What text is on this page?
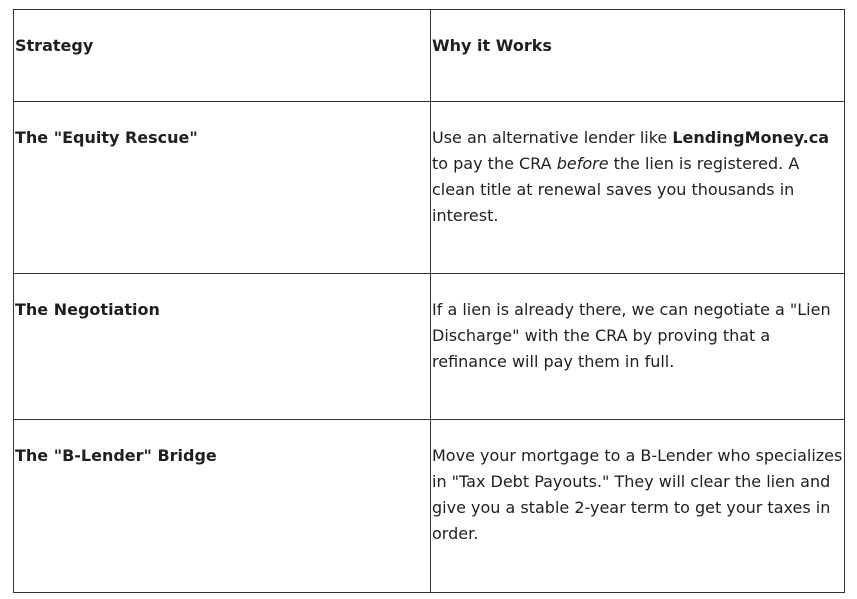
Strategy	Why it Works

The "Equity Rescue"	Use an alternative lender like LendingMoney.ca to pay the CRA before the lien is registered. A clean title at renewal saves you thousands in interest.

The Negotiation	If a lien is already there, we can negotiate a "Lien Discharge" with the CRA by proving that a refinance will pay them in full.

The "B-Lender" Bridge	Move your mortgage to a B-Lender who specializes in "Tax Debt Payouts." They will clear the lien and give you a stable 2-year term to get your taxes in order.
